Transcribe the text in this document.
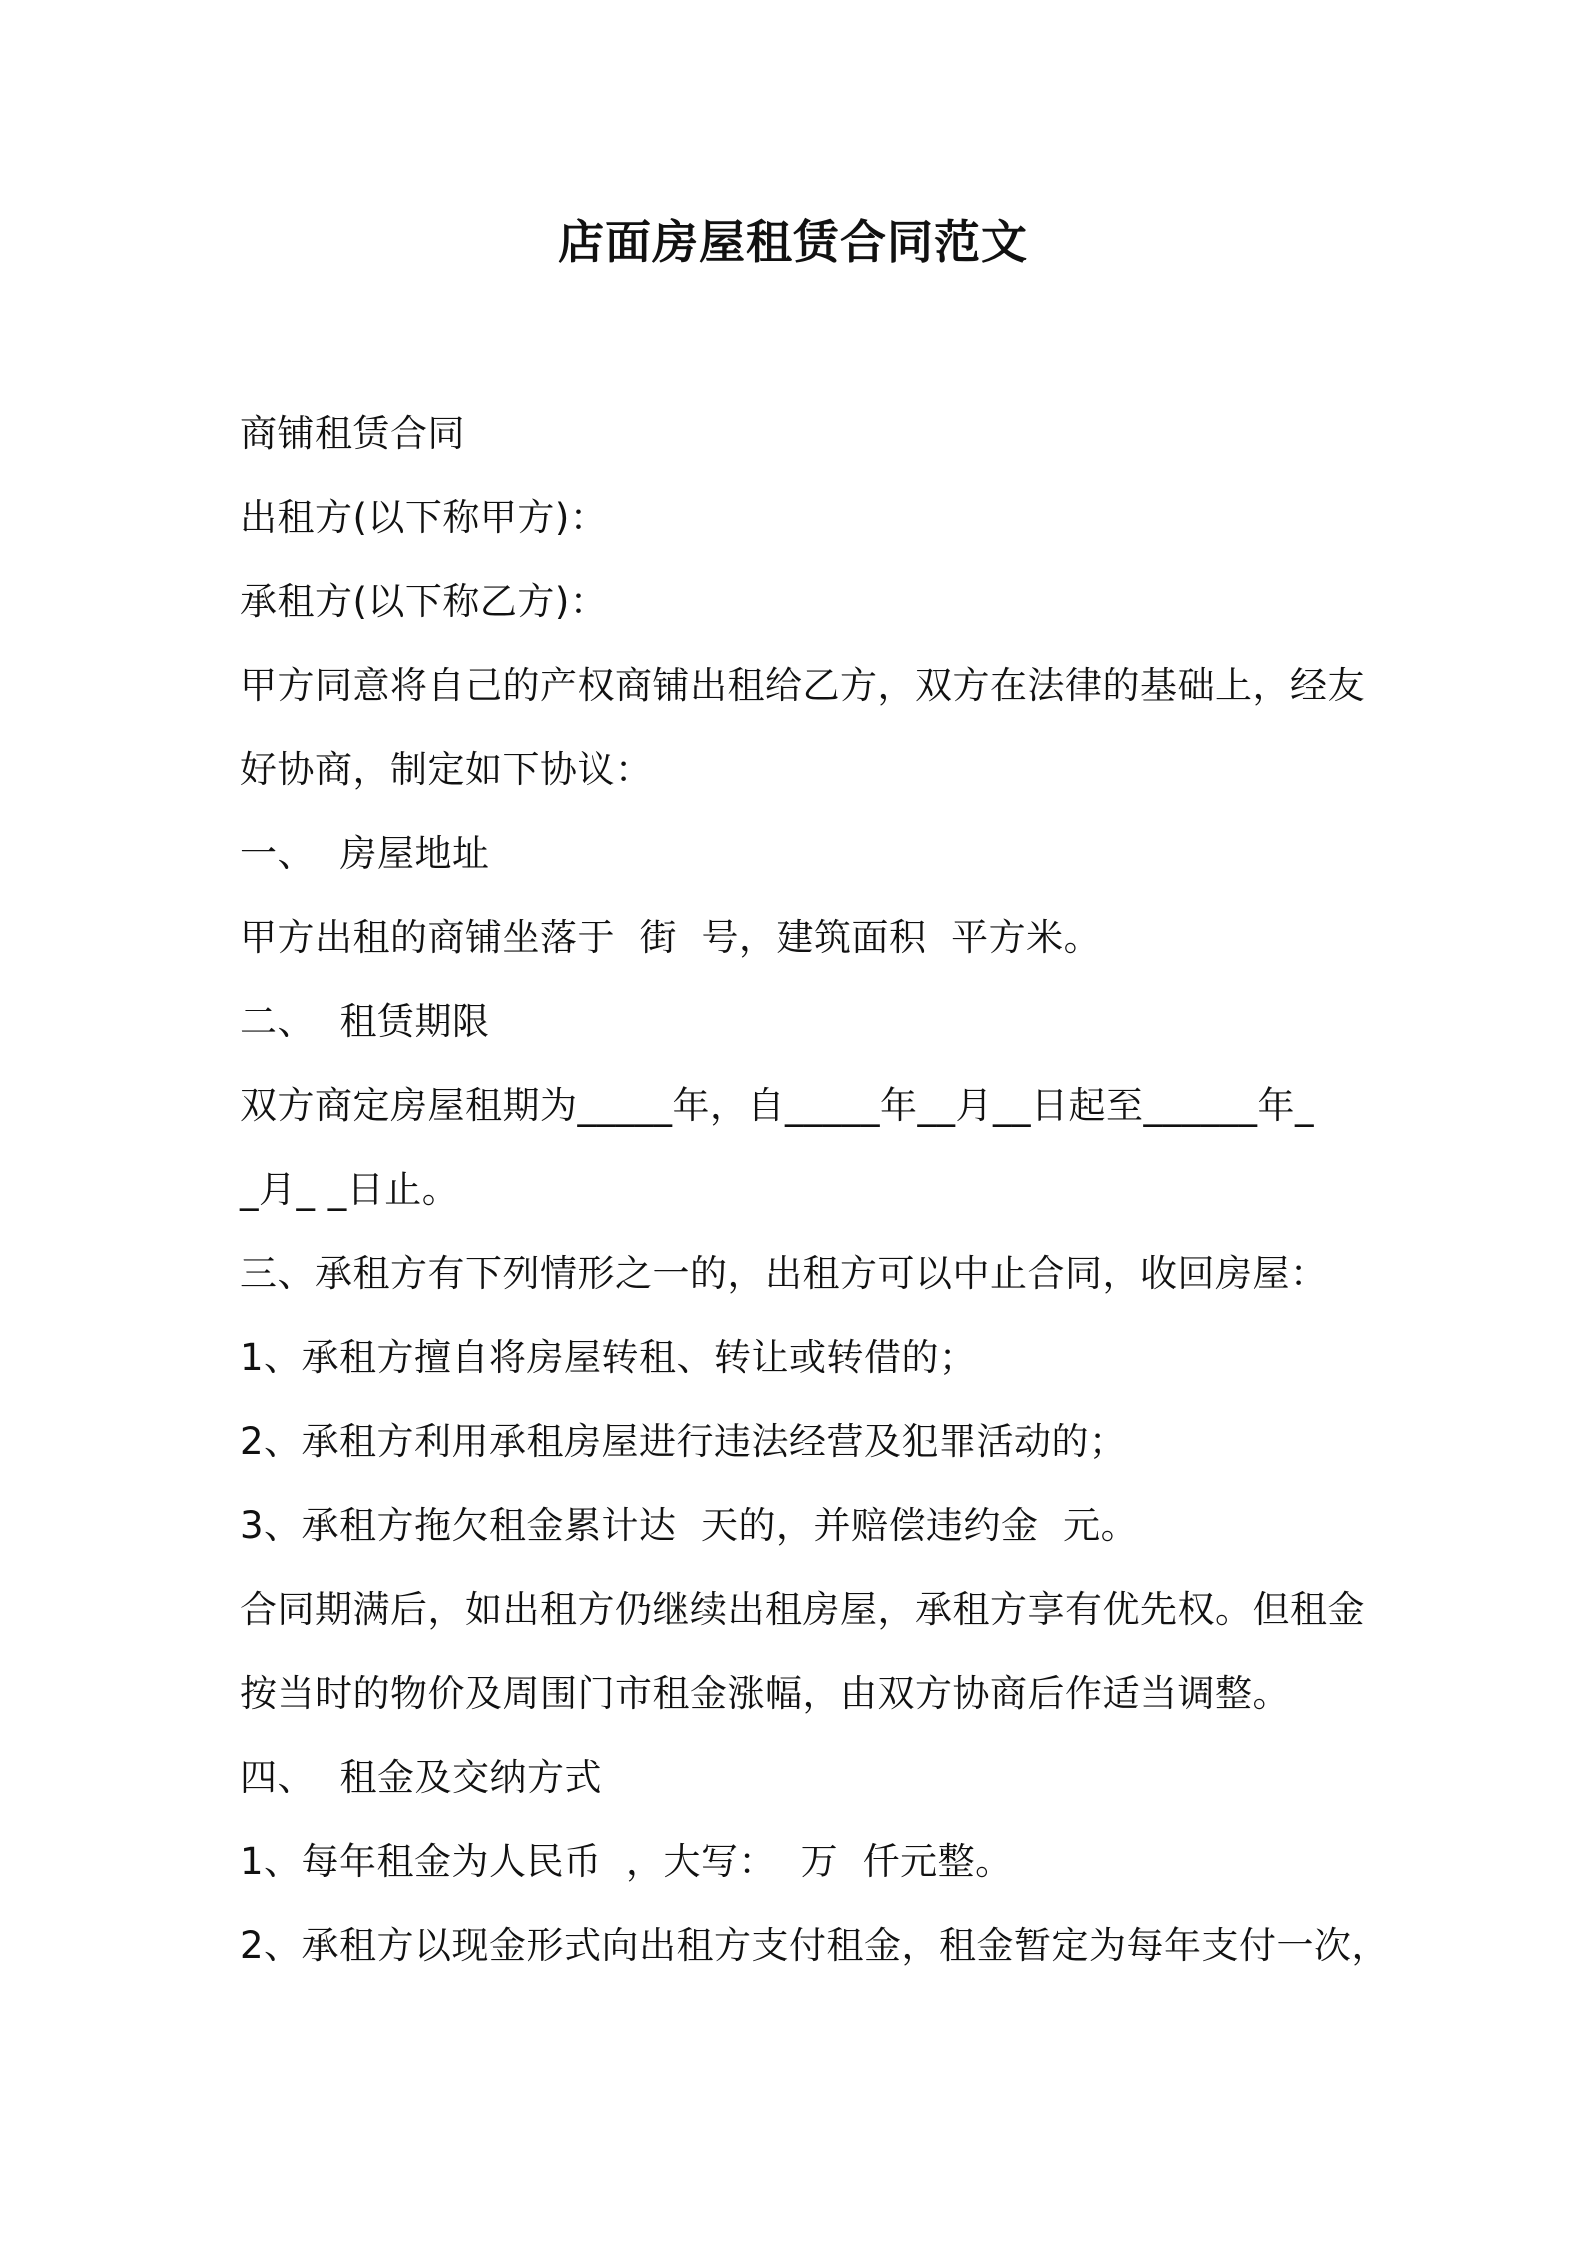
店面房屋租赁合同范文
商铺租赁合同
出租方(以下称甲方)：
承租方(以下称乙方)：
甲方同意将自己的产权商铺出租给乙方，双方在法律的基础上，经友
好协商，制定如下协议：
一、  房屋地址
甲方出租的商铺坐落于  街  号，建筑面积  平方米。
二、  租赁期限
双方商定房屋租期为_____年，自_____年__月__日起至______年_
_月_ _日止。
三、承租方有下列情形之一的，出租方可以中止合同，收回房屋：
1、承租方擅自将房屋转租、转让或转借的；
2、承租方利用承租房屋进行违法经营及犯罪活动的；
3、承租方拖欠租金累计达  天的，并赔偿违约金  元。
合同期满后，如出租方仍继续出租房屋，承租方享有优先权。但租金
按当时的物价及周围门市租金涨幅，由双方协商后作适当调整。
四、  租金及交纳方式
1、每年租金为人民币  ，大写：  万  仟元整。
2、承租方以现金形式向出租方支付租金，租金暂定为每年支付一次，
